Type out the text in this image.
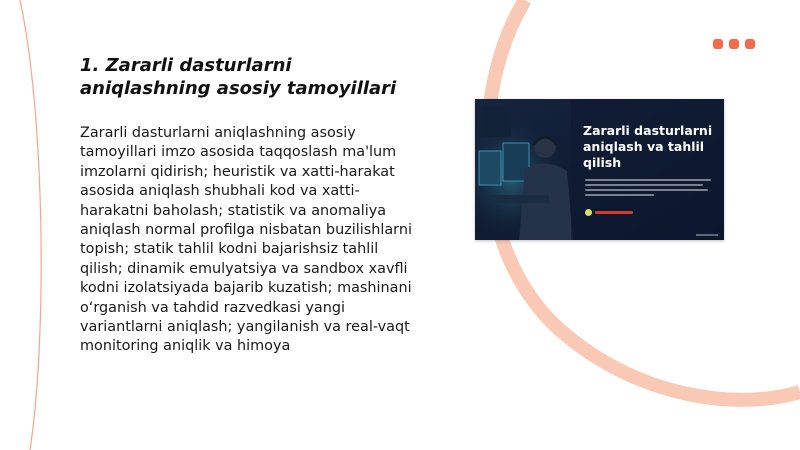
1. Zararli dasturlarni aniqlashning asosiy tamoyillari

Zararli dasturlarni aniqlashning asosiy tamoyillari imzo asosida taqqoslash ma'lum imzolarni qidirish; heuristik va xatti-harakat asosida aniqlash shubhali kod va xatti-harakatni baholash; statistik va anomaliya aniqlash normal profilga nisbatan buzilishlarni topish; statik tahlil kodni bajarishsiz tahlil qilish; dinamik emulyatsiya va sandbox xavfli kodni izolatsiyada bajarib kuzatish; mashinani o‘rganish va tahdid razvedkasi yangi variantlarni aniqlash; yangilanish va real-vaqt monitoring aniqlik va himoya

Zararli dasturlarni aniqlash va tahlil qilish
